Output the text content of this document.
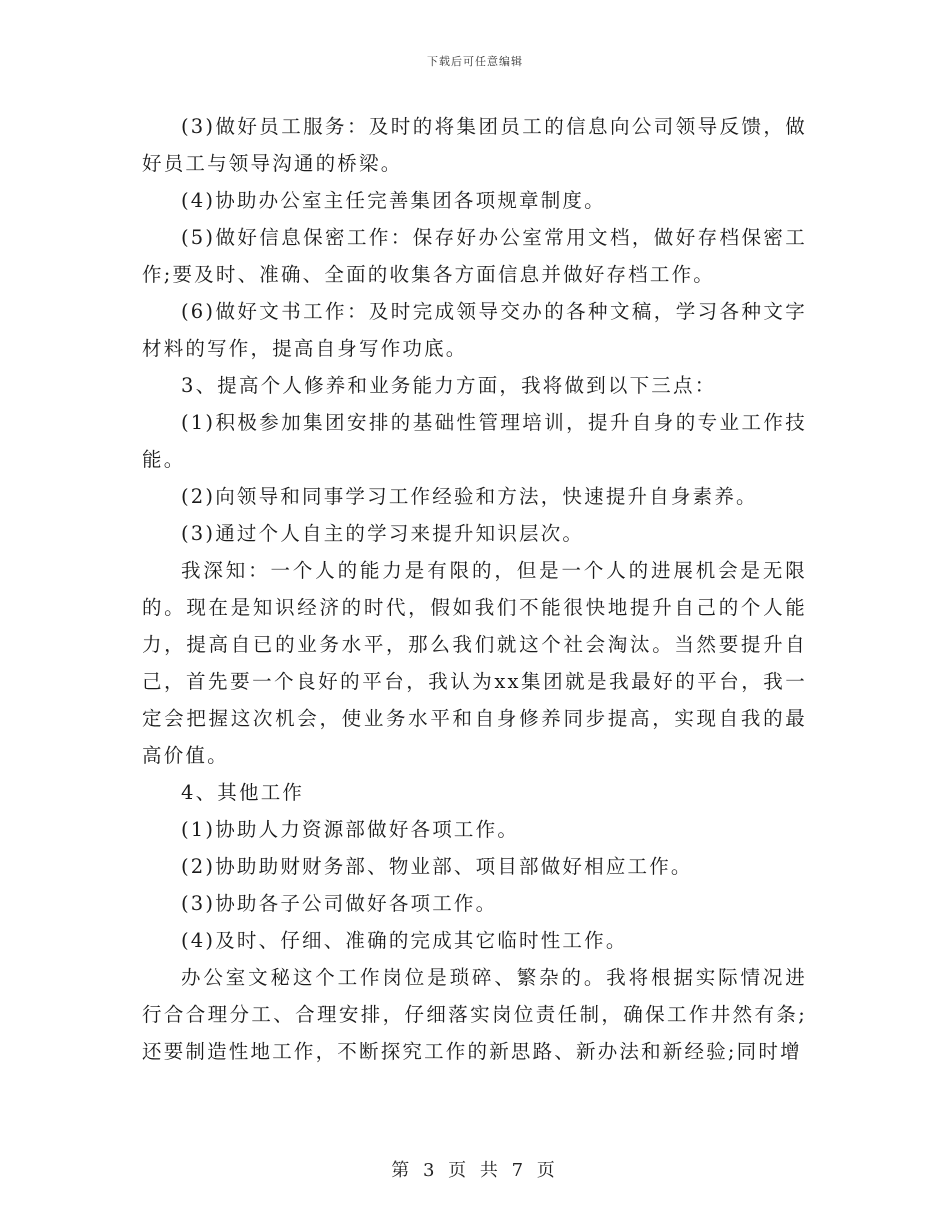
下载后可任意编辑

(3)做好员工服务：及时的将集团员工的信息向公司领导反馈，做好员工与领导沟通的桥梁。

(4)协助办公室主任完善集团各项规章制度。

(5)做好信息保密工作：保存好办公室常用文档，做好存档保密工作;要及时、准确、全面的收集各方面信息并做好存档工作。

(6)做好文书工作：及时完成领导交办的各种文稿，学习各种文字材料的写作，提高自身写作功底。

3、提高个人修养和业务能力方面，我将做到以下三点：

(1)积极参加集团安排的基础性管理培训，提升自身的专业工作技能。

(2)向领导和同事学习工作经验和方法，快速提升自身素养。

(3)通过个人自主的学习来提升知识层次。

我深知：一个人的能力是有限的，但是一个人的进展机会是无限的。现在是知识经济的时代，假如我们不能很快地提升自己的个人能力，提高自已的业务水平，那么我们就这个社会淘汰。当然要提升自己，首先要一个良好的平台，我认为xx集团就是我最好的平台，我一定会把握这次机会，使业务水平和自身修养同步提高，实现自我的最高价值。

4、其他工作

(1)协助人力资源部做好各项工作。

(2)协助助财财务部、物业部、项目部做好相应工作。

(3)协助各子公司做好各项工作。

(4)及时、仔细、准确的完成其它临时性工作。

办公室文秘这个工作岗位是琐碎、繁杂的。我将根据实际情况进行合合理分工、合理安排，仔细落实岗位责任制，确保工作井然有条;还要制造性地工作，不断探究工作的新思路、新办法和新经验;同时增

第 3 页 共 7 页
